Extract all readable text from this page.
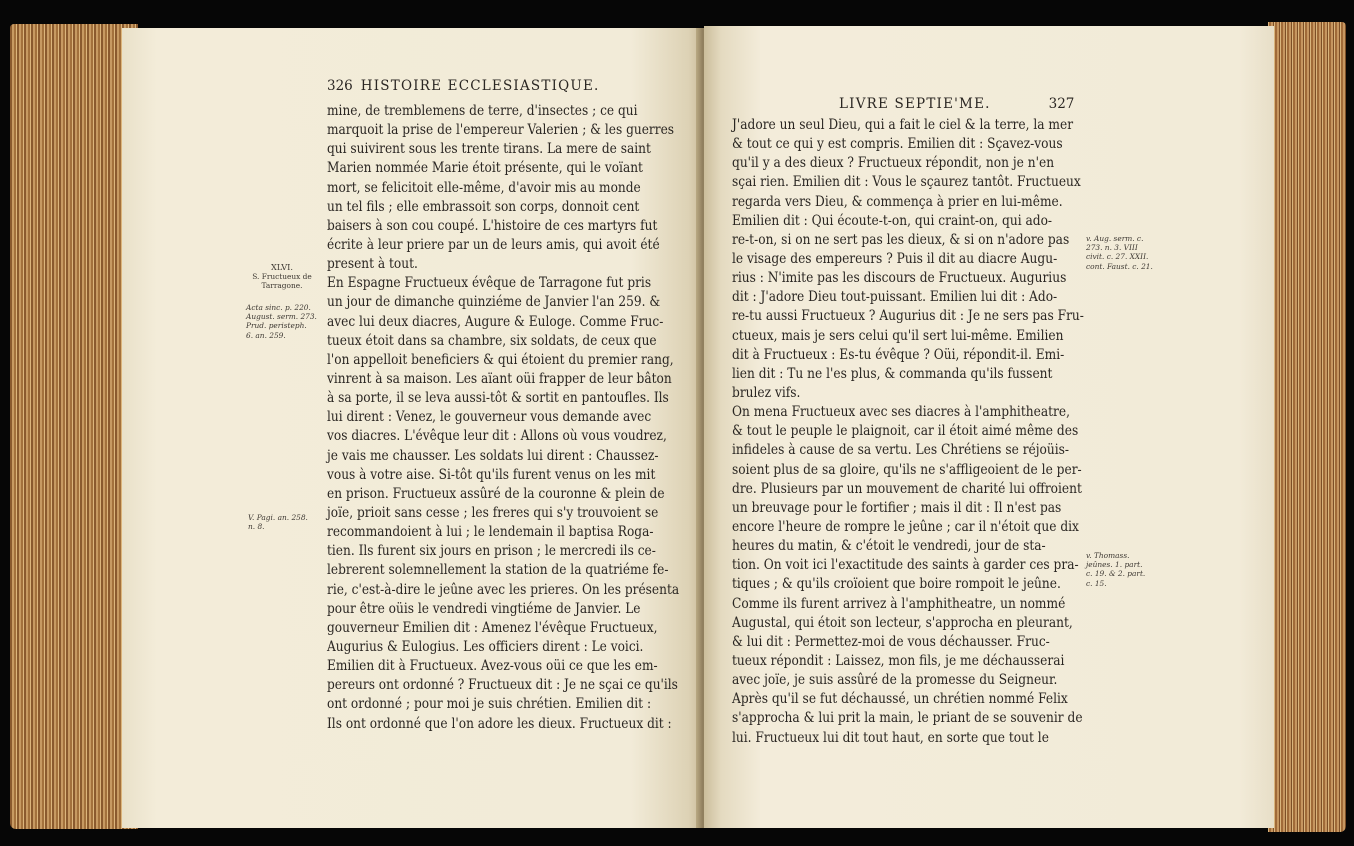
326 HISTOIRE ECCLESIASTIQUE.
mine, de tremblemens de terre, d'insectes ; ce qui
marquoit la prise de l'empereur Valerien ; & les guerres
qui suivirent sous les trente tirans. La mere de saint
Marien nommée Marie étoit présente, qui le voïant
mort, se felicitoit elle-même, d'avoir mis au monde
un tel fils ; elle embrassoit son corps, donnoit cent
baisers à son cou coupé. L'histoire de ces martyrs fut
écrite à leur priere par un de leurs amis, qui avoit été
present à tout.
En Espagne Fructueux évêque de Tarragone fut pris
un jour de dimanche quinziéme de Janvier l'an 259. &
avec lui deux diacres, Augure & Euloge. Comme Fruc-
tueux étoit dans sa chambre, six soldats, de ceux que
l'on appelloit beneficiers & qui étoient du premier rang,
vinrent à sa maison. Les aïant oüi frapper de leur bâton
à sa porte, il se leva aussi-tôt & sortit en pantoufles. Ils
lui dirent : Venez, le gouverneur vous demande avec
vos diacres. L'évêque leur dit : Allons où vous voudrez,
je vais me chausser. Les soldats lui dirent : Chaussez-
vous à votre aise. Si-tôt qu'ils furent venus on les mit
en prison. Fructueux assûré de la couronne & plein de
joïe, prioit sans cesse ; les freres qui s'y trouvoient se
recommandoient à lui ; le lendemain il baptisa Roga-
tien. Ils furent six jours en prison ; le mercredi ils ce-
lebrerent solemnellement la station de la quatriéme fe-
rie, c'est-à-dire le jeûne avec les prieres. On les présenta
pour être oüis le vendredi vingtiéme de Janvier. Le
gouverneur Emilien dit : Amenez l'évêque Fructueux,
Augurius & Eulogius. Les officiers dirent : Le voici.
Emilien dit à Fructueux. Avez-vous oüi ce que les em-
pereurs ont ordonné ? Fructueux dit : Je ne sçai ce qu'ils
ont ordonné ; pour moi je suis chrétien. Emilien dit :
Ils ont ordonné que l'on adore les dieux. Fructueux dit :
XLVI.
S. Fructueux de
Tarragone.
Acta sinc. p. 220.
August. serm. 273.
Prud. peristeph.
6. an. 259.
V. Pagi. an. 258.
n. 8.
LIVRE SEPTIE'ME.	327
J'adore un seul Dieu, qui a fait le ciel & la terre, la mer
& tout ce qui y est compris. Emilien dit : Sçavez-vous
qu'il y a des dieux ? Fructueux répondit, non je n'en
sçai rien. Emilien dit : Vous le sçaurez tantôt. Fructueux
regarda vers Dieu, & commença à prier en lui-même.
Emilien dit : Qui écoute-t-on, qui craint-on, qui ado-
re-t-on, si on ne sert pas les dieux, & si on n'adore pas
le visage des empereurs ? Puis il dit au diacre Augu-
rius : N'imite pas les discours de Fructueux. Augurius
dit : J'adore Dieu tout-puissant. Emilien lui dit : Ado-
re-tu aussi Fructueux ? Augurius dit : Je ne sers pas Fru-
ctueux, mais je sers celui qu'il sert lui-même. Emilien
dit à Fructueux : Es-tu évêque ? Oüi, répondit-il. Emi-
lien dit : Tu ne l'es plus, & commanda qu'ils fussent
brulez vifs.
On mena Fructueux avec ses diacres à l'amphitheatre,
& tout le peuple le plaignoit, car il étoit aimé même des
infideles à cause de sa vertu. Les Chrétiens se réjoüis-
soient plus de sa gloire, qu'ils ne s'affligeoient de le per-
dre. Plusieurs par un mouvement de charité lui offroient
un breuvage pour le fortifier ; mais il dit : Il n'est pas
encore l'heure de rompre le jeûne ; car il n'étoit que dix
heures du matin, & c'étoit le vendredi, jour de sta-
tion. On voit ici l'exactitude des saints à garder ces pra-
tiques ; & qu'ils croïoient que boire rompoit le jeûne.
Comme ils furent arrivez à l'amphitheatre, un nommé
Augustal, qui étoit son lecteur, s'approcha en pleurant,
& lui dit : Permettez-moi de vous déchausser. Fruc-
tueux répondit : Laissez, mon fils, je me déchausserai
avec joïe, je suis assûré de la promesse du Seigneur.
Après qu'il se fut déchaussé, un chrétien nommé Felix
s'approcha & lui prit la main, le priant de se souvenir de
lui. Fructueux lui dit tout haut, en sorte que tout le
v. Aug. serm. c.
273. n. 3. VIII
civit. c. 27. XXII.
cont. Faust. c. 21.
v. Thomass.
jeûnes. 1. part.
c. 19. & 2. part.
c. 15.
